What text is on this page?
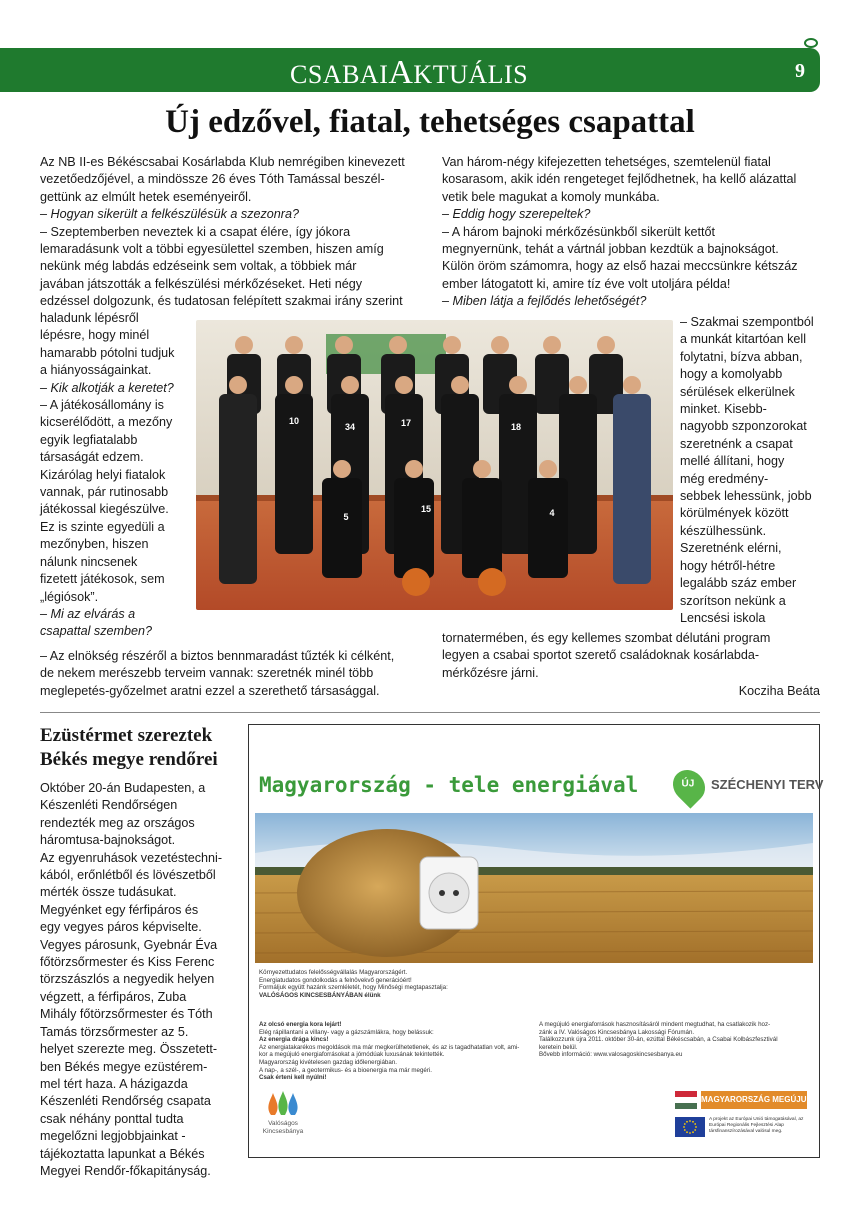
CSABAIAKTUÁLIS	9
Új edzővel, fiatal, tehetséges csapattal

Az NB II-es Békéscsabai Kosárlabda Klub nemrégiben kinevezett

vezetőedzőjével, a mindössze 26 éves Tóth Tamással beszél-

gettünk az elmúlt hetek eseményeiről.

– Hogyan sikerült a felkészülésük a szezonra?

– Szeptemberben neveztek ki a csapat élére, így jókora

lemaradásunk volt a többi egyesülettel szemben, hiszen amíg

nekünk még labdás edzéseink sem voltak, a többiek már

javában játszották a felkészülési mérkőzéseket. Heti négy

edzéssel dolgozunk, és tudatosan felépített szakmai irány szerint

haladunk lépésről

lépésre, hogy minél

hamarabb pótolni tudjuk

a hiányosságainkat.

– Kik alkotják a keretet?

– A játékosállomány is

kicserélődött, a mezőny

egyik legfiatalabb

társaságát edzem.

Kizárólag helyi fiatalok

vannak, pár rutinosabb

játékossal kiegészülve.

Ez is szinte egyedüli a

mezőnyben, hiszen

nálunk nincsenek

fizetett játékosok, sem

„légiósok”.

– Mi az elvárás a

csapattal szemben?

– Az elnökség részéről a biztos bennmaradást tűzték ki célként,

de nekem merészebb terveim vannak: szeretnék minél több

meglepetés-győzelmet aratni ezzel a szerethető társasággal.

Van három-négy kifejezetten tehetséges, szemtelenül fiatal

kosarasom, akik idén rengeteget fejlődhetnek, ha kellő alázattal

vetik bele magukat a komoly munkába.

– Eddig hogy szerepeltek?

– A három bajnoki mérkőzésünkből sikerült kettőt

megnyernünk, tehát a vártnál jobban kezdtük a bajnokságot.

Külön öröm számomra, hogy az első hazai meccsünkre kétszáz

ember látogatott ki, amire tíz éve volt utoljára példa!

– Miben látja a fejlődés lehetőségét?

– Szakmai szempontból

a munkát kitartóan kell

folytatni, bízva abban,

hogy a komolyabb

sérülések elkerülnek

minket. Kisebb-

nagyobb szponzorokat

szeretnénk a csapat

mellé állítani, hogy

még eredmény-

sebbek lehessünk, jobb

körülmények között

készülhessünk.

Szeretnénk elérni,

hogy hétről-hétre

legalább száz ember

szorítson nekünk a

Lencsési iskola

tornatermében, és egy kellemes szombat délutáni program

legyen a csabai sportot szerető családoknak kosárlabda-

mérkőzésre járni.

Kocziha Beáta
34	17	18
10
15
5	4
Ezüstérmet szereztek
Békés megye rendőrei

Október 20-án Budapesten, a

Készenléti Rendőrségen

rendezték meg az országos

háromtusa-bajnokságot.

Az egyenruhások vezetéstechni-

kából, erőnlétből és lövészetből

mérték össze tudásukat.

Megyénket egy férfipáros és

egy vegyes páros képviselte.

Vegyes párosunk, Gyebnár Éva

főtörzsőrmester és Kiss Ferenc

törzszászlós a negyedik helyen

végzett, a férfipáros, Zuba

Mihály főtörzsőrmester és Tóth

Tamás törzsőrmester az 5.

helyet szerezte meg. Összetett-

ben Békés megye ezüstérem-

mel tért haza. A házigazda

Készenléti Rendőrség csapata

csak néhány ponttal tudta

megelőzni legjobbjainkat -

tájékoztatta lapunkat a Békés

Megyei Rendőr-főkapitányság.

Magyarország - tele energiával	ÚJ	SZÉCHENYI TERV
Környezettudatos felelősségvállalás Magyarországért.
Energiatudatos gondolkodás a felnövekvő generációért!
Formáljuk együtt hazánk szemléletét, hogy Minőségi megtapasztalja:
VALÓSÁGOS KINCSESBÁNYÁBAN élünk
Az olcsó energia kora lejárt!
Elég rápillantani a villany- vagy a gázszámlákra, hogy belássuk:
Az energia drága kincs!
Az energiatakarékos megoldások ma már megkerülhetetlenek, és az is tagadhatatlan volt, ami-
kor a megújuló energiaforrásokat a jómódúak luxusának tekintették.
Magyarország kivételesen gazdag időlenergiában.
A nap-, a szél-, a geotermikus- és a bioenergia ma már megéri.
Csak érteni kell nyúlni!
A megújuló energiaforrások hasznosításáról mindent megtudhat, ha csatlakozik hoz-
zánk a IV. Valóságos Kincsesbánya Lakossági Fórumán.
Találkozzunk újra 2011. október 30-án, ezúttal Békéscsabán, a Csabai Kolbászfesztivál
keretein belül.
Bővebb információ: www.valosagoskincsesbanya.eu
Valóságos
Kincsesbánya
MAGYARORSZÁG MEGÚJUL
A projekt az Európai Unió támogatásával, az Európai Regionális Fejlesztési Alap társfinanszírozásával valósul meg.
